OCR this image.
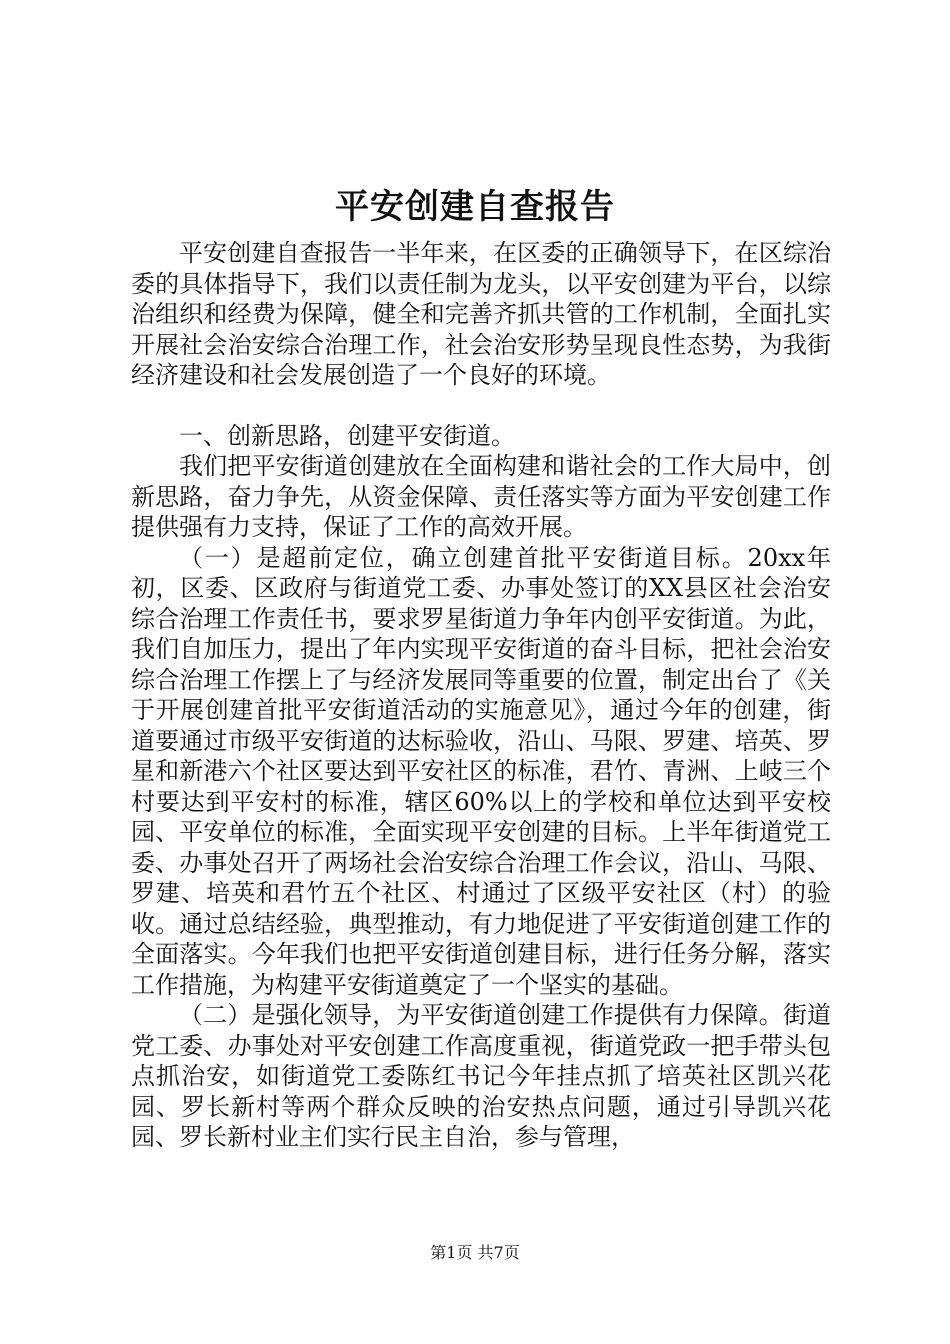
平安创建自查报告

平安创建自查报告一半年来，在区委的正确领导下，在区综治委的具体指导下，我们以责任制为龙头，以平安创建为平台，以综治组织和经费为保障，健全和完善齐抓共管的工作机制，全面扎实开展社会治安综合治理工作，社会治安形势呈现良性态势，为我街经济建设和社会发展创造了一个良好的环境。

一、创新思路，创建平安街道。

我们把平安街道创建放在全面构建和谐社会的工作大局中，创新思路，奋力争先，从资金保障、责任落实等方面为平安创建工作提供强有力支持，保证了工作的高效开展。

（一）是超前定位，确立创建首批平安街道目标。20xx年初，区委、区政府与街道党工委、办事处签订的XX县区社会治安综合治理工作责任书，要求罗星街道力争年内创平安街道。为此，我们自加压力，提出了年内实现平安街道的奋斗目标，把社会治安综合治理工作摆上了与经济发展同等重要的位置，制定出台了《关于开展创建首批平安街道活动的实施意见》，通过今年的创建，街道要通过市级平安街道的达标验收，沿山、马限、罗建、培英、罗星和新港六个社区要达到平安社区的标准，君竹、青洲、上岐三个村要达到平安村的标准，辖区60%以上的学校和单位达到平安校园、平安单位的标准，全面实现平安创建的目标。上半年街道党工委、办事处召开了两场社会治安综合治理工作会议，沿山、马限、罗建、培英和君竹五个社区、村通过了区级平安社区（村）的验收。通过总结经验，典型推动，有力地促进了平安街道创建工作的全面落实。今年我们也把平安街道创建目标，进行任务分解，落实工作措施，为构建平安街道奠定了一个坚实的基础。

（二）是强化领导，为平安街道创建工作提供有力保障。街道党工委、办事处对平安创建工作高度重视，街道党政一把手带头包点抓治安，如街道党工委陈红书记今年挂点抓了培英社区凯兴花园、罗长新村等两个群众反映的治安热点问题，通过引导凯兴花园、罗长新村业主们实行民主自治，参与管理，

第1页 共7页
